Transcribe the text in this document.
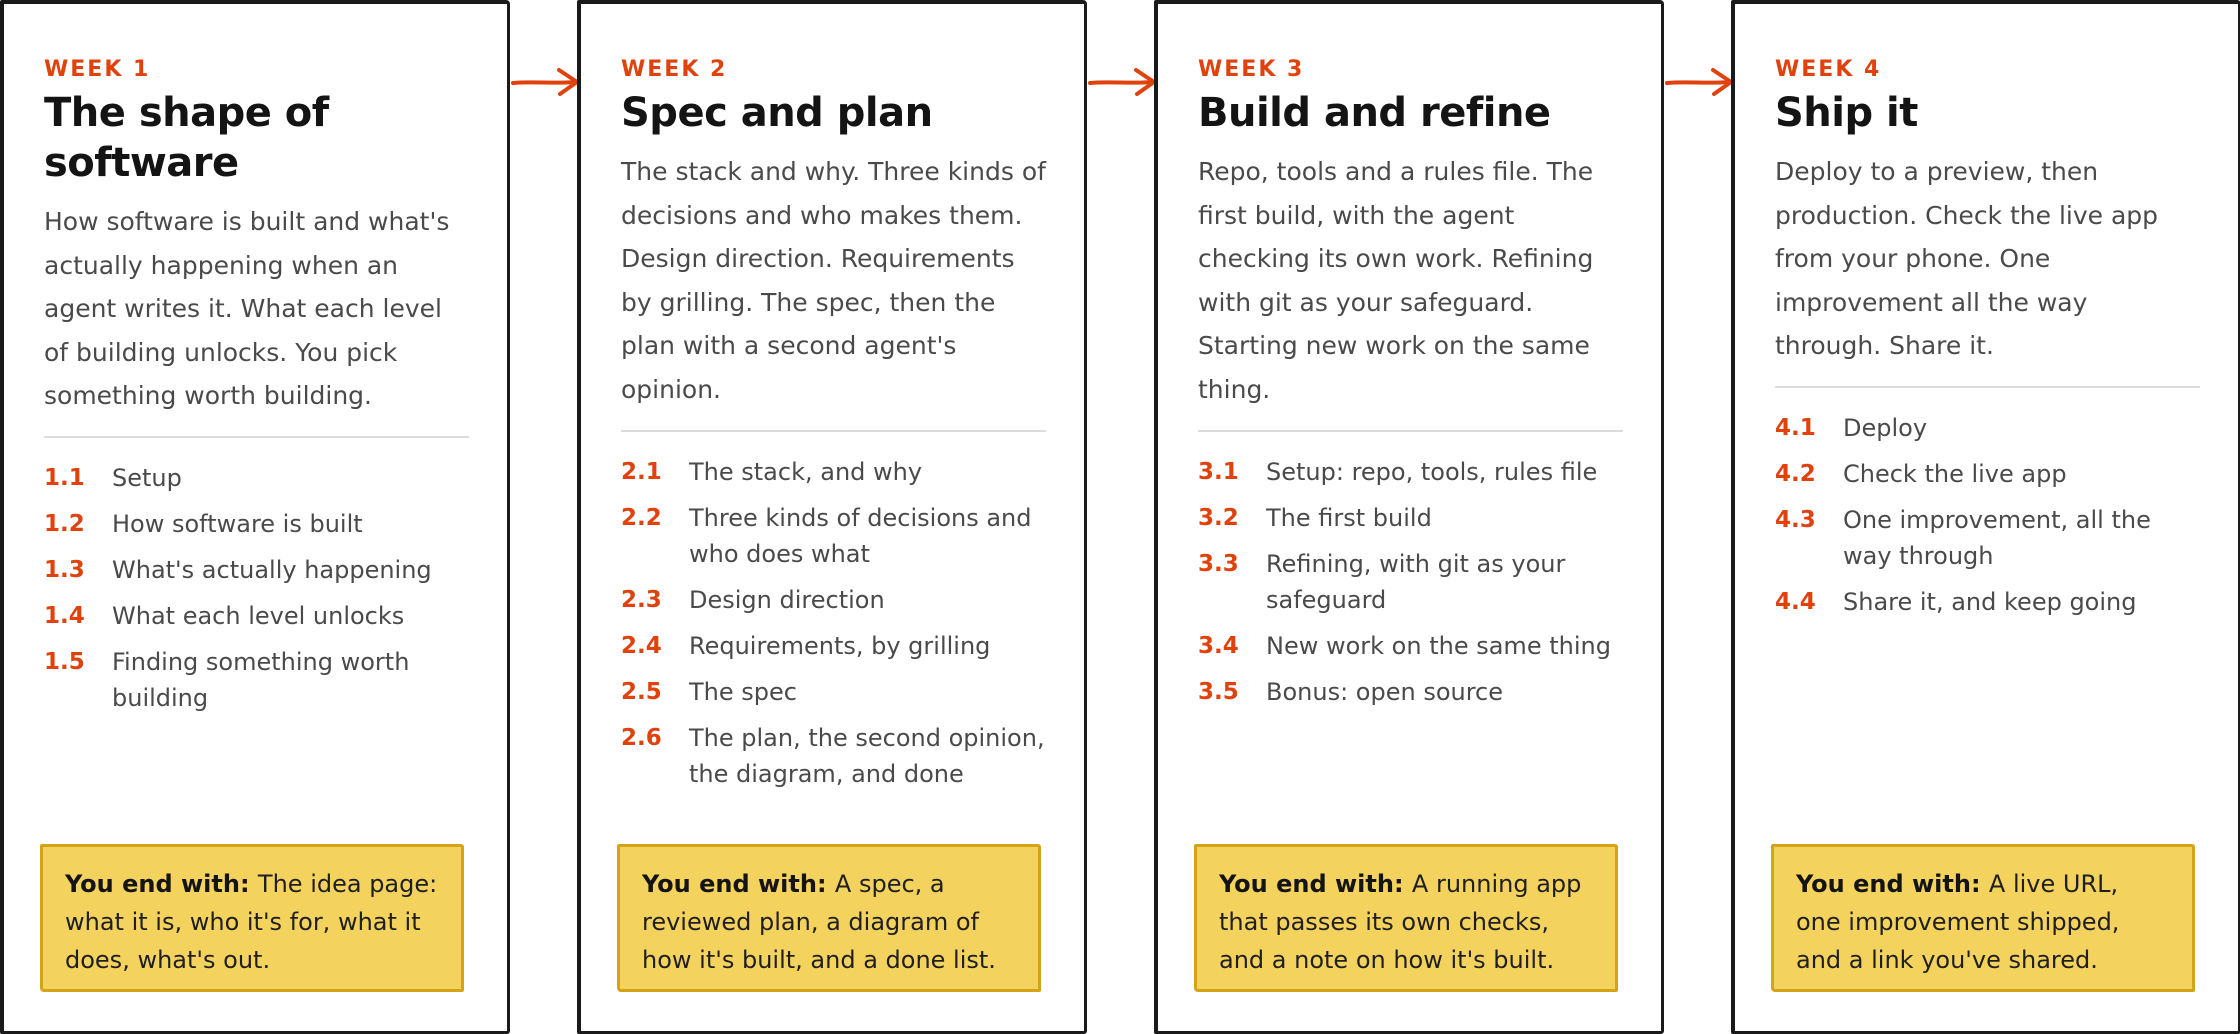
WEEK 1

The shape of software

How software is built and what's actually happening when an agent writes it. What each level of building unlocks. You pick something worth building.

1.1	Setup
1.2	How software is built
1.3	What's actually happening
1.4	What each level unlocks
1.5	Finding something worth building
You end with: The idea page: what it is, who it's for, what it does, what's out.

WEEK 2

Spec and plan

The stack and why. Three kinds of decisions and who makes them. Design direction. Requirements by grilling. The spec, then the plan with a second agent's opinion.

2.1	The stack, and why
2.2	Three kinds of decisions and who does what
2.3	Design direction
2.4	Requirements, by grilling
2.5	The spec
2.6	The plan, the second opinion, the diagram, and done
You end with: A spec, a reviewed plan, a diagram of how it's built, and a done list.

WEEK 3

Build and refine

Repo, tools and a rules file. The first build, with the agent checking its own work. Refining with git as your safeguard. Starting new work on the same thing.

3.1	Setup: repo, tools, rules file
3.2	The first build
3.3	Refining, with git as your safeguard
3.4	New work on the same thing
3.5	Bonus: open source
You end with: A running app that passes its own checks, and a note on how it's built.

WEEK 4

Ship it

Deploy to a preview, then production. Check the live app from your phone. One improvement all the way through. Share it.

4.1	Deploy
4.2	Check the live app
4.3	One improvement, all the way through
4.4	Share it, and keep going
You end with: A live URL, one improvement shipped, and a link you've shared.
